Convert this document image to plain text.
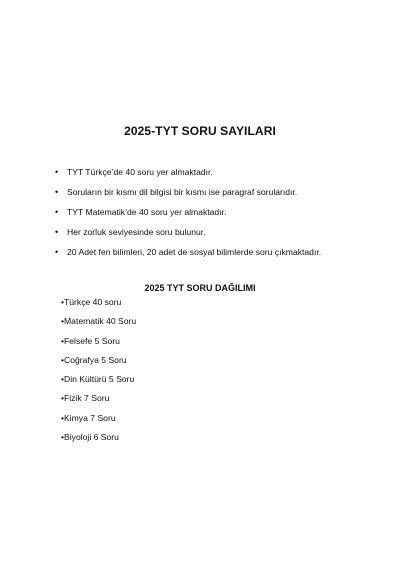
2025-TYT SORU SAYILARI
• TYT Türkçe’de 40 soru yer almaktadır.
• Soruların bir kısmı dil bilgisi bir kısmı ise paragraf sorularıdır.
• TYT Matematik’de 40 soru yer almaktadır.
• Her zorluk seviyesinde soru bulunur.
• 20 Adet fen bilimleri, 20 adet de sosyal bilimlerde soru çıkmaktadır.
2025 TYT SORU DAĞILIMI
•Türkçe 40 soru
•Matematik 40 Soru
•Felsefe 5 Soru
•Coğrafya 5 Soru
•Din Kültürü 5 Soru
•Fizik 7 Soru
•Kimya 7 Soru
•Biyoloji 6 Soru
